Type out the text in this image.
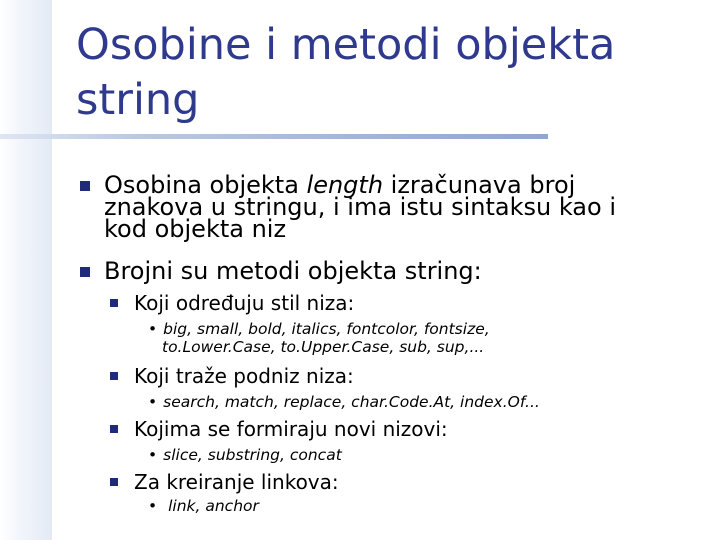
Osobine i metodi objekta
string
Osobina objekta length izračunava broj
znakova u stringu, i ima istu sintaksu kao i
kod objekta niz
Brojni su metodi objekta string:
Koji određuju stil niza:
• big, small, bold, italics, fontcolor, fontsize,
to.Lower.Case, to.Upper.Case, sub, sup,...
Koji traže podniz niza:
• search, match, replace, char.Code.At, index.Of...
Kojima se formiraju novi nizovi:
• slice, substring, concat
Za kreiranje linkova:
• link, anchor
